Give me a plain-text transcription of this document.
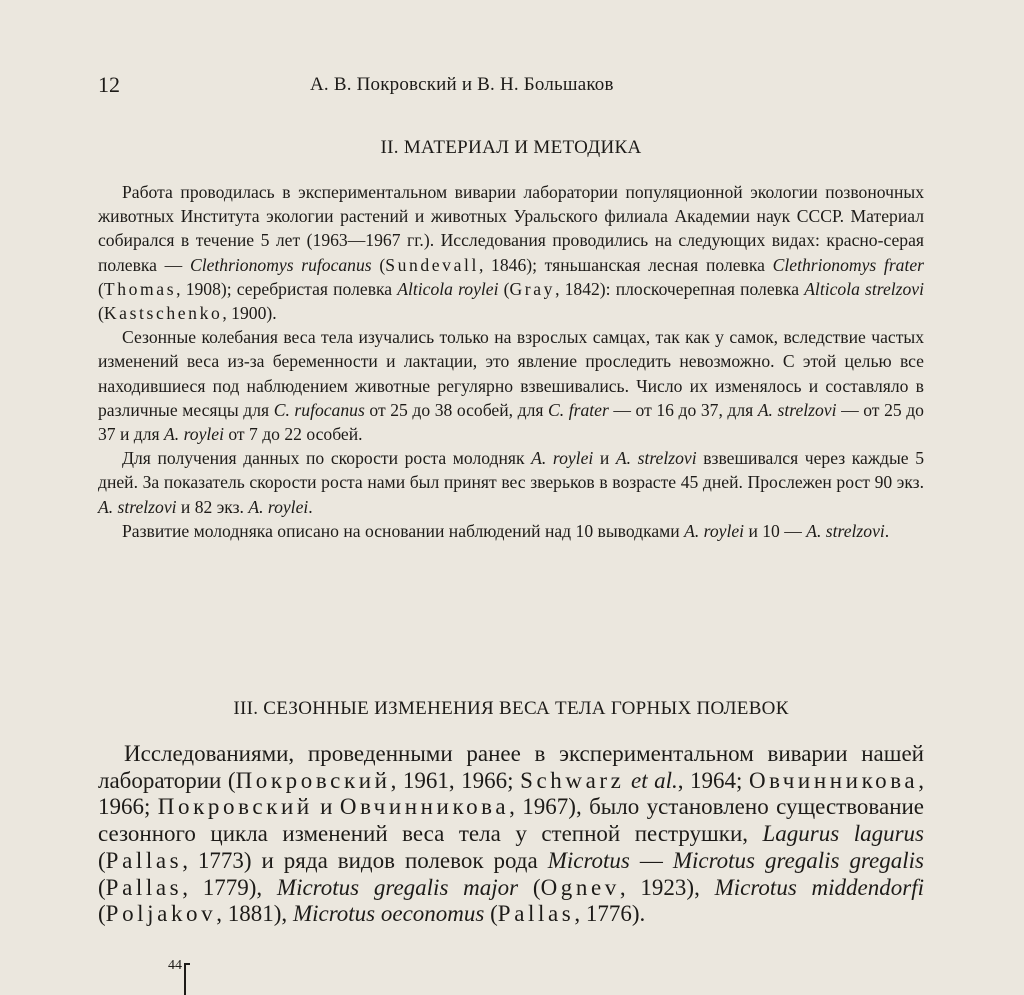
12	А. В. Покровский и В. Н. Большаков
II. МАТЕРИАЛ И МЕТОДИКА

Работа проводилась в экспериментальном виварии лаборатории популяционной экологии позвоночных животных Института экологии растений и животных Уральского филиала Академии наук СССР. Материал собирался в течение 5 лет (1963—1967 гг.). Исследования проводились на следующих видах: красно-серая полевка — Clethrionomys rufocanus (Sundevall, 1846); тяньшанская лесная полевка Clethrionomys frater (Thomas, 1908); серебристая полевка Alticola roylei (Gray, 1842): плоскочерепная полевка Alticola strelzovi (Kastschenko, 1900).

Сезонные колебания веса тела изучались только на взрослых самцах, так как у самок, вследствие частых изменений веса из-за беременности и лактации, это явление проследить невозможно. С этой целью все находившиеся под наблюдением животные регулярно взвешивались. Число их изменялось и составляло в различные месяцы для C. rufocanus от 25 до 38 особей, для C. frater — от 16 до 37, для A. strelzovi — от 25 до 37 и для A. roylei от 7 до 22 особей.

Для получения данных по скорости роста молодняк A. roylei и A. strelzovi взвешивался через каждые 5 дней. За показатель скорости роста нами был принят вес зверьков в возрасте 45 дней. Прослежен рост 90 экз. A. strelzovi и 82 экз. A. roylei.

Развитие молодняка описано на основании наблюдений над 10 выводками A. roylei и 10 — A. strelzovi.

III. СЕЗОННЫЕ ИЗМЕНЕНИЯ ВЕСА ТЕЛА ГОРНЫХ ПОЛЕВОК

Исследованиями, проведенными ранее в экспериментальном виварии нашей лаборатории (Покровский, 1961, 1966; Schwarz et al., 1964; Овчинникова, 1966; Покровский и Овчинникова, 1967), было установлено существование сезонного цикла изменений веса тела у степной пеструшки, Lagurus lagurus (Pallas, 1773) и ряда видов полевок рода Microtus — Microtus gregalis gregalis (Pallas, 1779), Microtus gregalis major (Ognev, 1923), Microtus middendorfi (Poljakov, 1881), Microtus oeconomus (Pallas, 1776).

44
